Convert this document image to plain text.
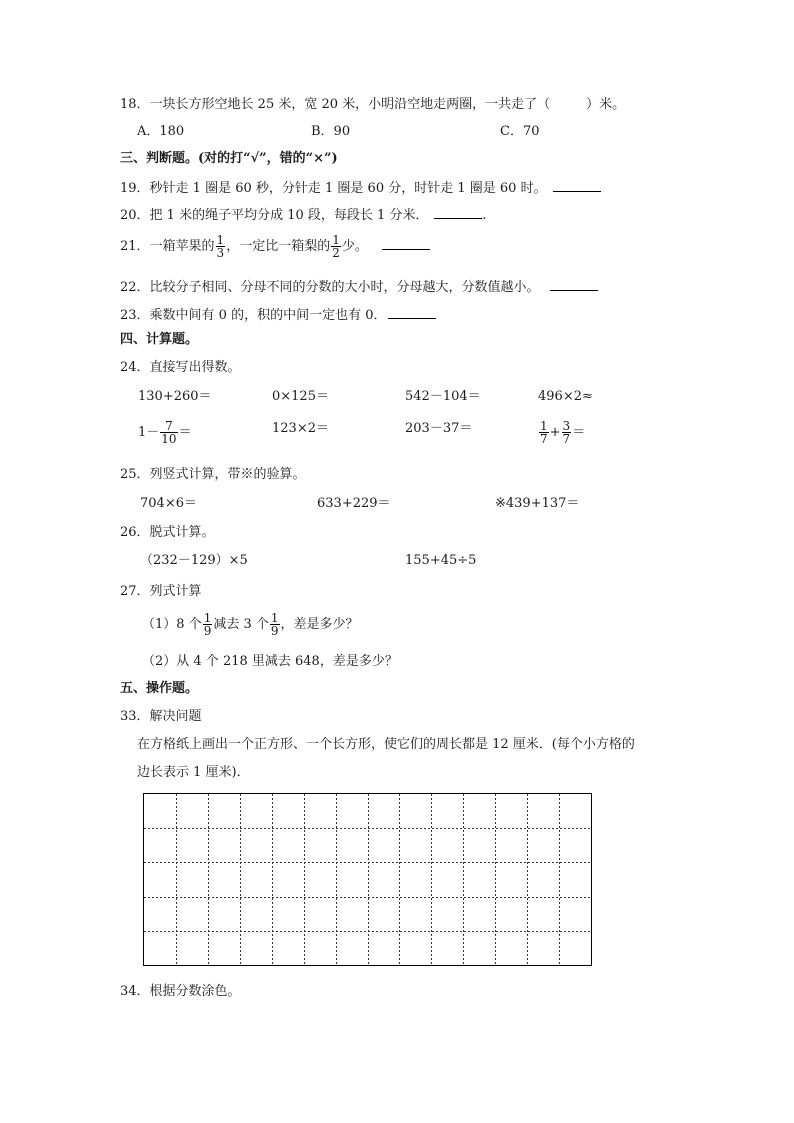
18．一块长方形空地长 25 米，宽 20 米，小明沿空地走两圈，一共走了（	）米。
A．180	B．90	C．70
三、判断题。(对的打“√”，错的“×”)
19．秒针走 1 圈是 60 秒，分针走 1 圈是 60 分，时针走 1 圈是 60 时。
20．把 1 米的绳子平均分成 10 段，每段长 1 分米．	.
21．一箱苹果的 $\frac{1}{3}$ ，一定比一箱梨的 $\frac{1}{2}$ 少。
22．比较分子相同、分母不同的分数的大小时，分母越大，分数值越小。
23．乘数中间有 0 的，积的中间一定也有 0．
四、计算题。
24．直接写出得数。
130+260＝	0×125＝	542－104＝	496×2≈
$1- \frac{7}{10}$ ＝	123×2＝	203－37＝	$\frac{1}{7} + \frac{3}{7}$ ＝
25．列竖式计算，带※的验算。
704×6＝	633+229＝	※439+137＝
26．脱式计算。
（232－129）×5	155+45÷5
27．列式计算
（1）8 个 $\frac{1}{9}$ 减去 3 个 $\frac{1}{9}$ ，差是多少？
（2）从 4 个 218 里减去 648，差是多少？
五、操作题。
33．解决问题
在方格纸上画出一个正方形、一个长方形，使它们的周长都是 12 厘米．(每个小方格的
边长表示 1 厘米)．
34．根据分数涂色。
